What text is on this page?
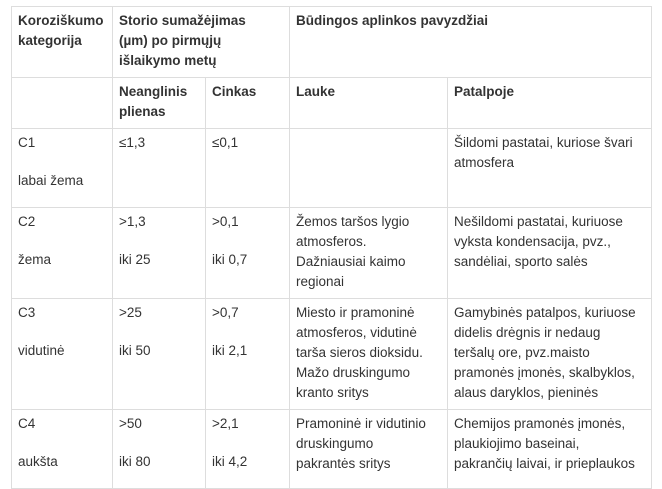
Koroziškumo
kategorija	Storio sumažėjimas
(µm) po pirmųjų
išlaikymo metų		Būdingos aplinkos pavyzdžiai	

	Neanglinis
plienas	Cinkas	Lauke	Patalpoje

C1
labai žema	≤1,3	≤0,1		Šildomi pastatai, kuriose švari
atmosfera

C2
žema	>1,3
iki 25	>0,1
iki 0,7	Žemos taršos lygio
atmosferos.
Dažniausiai kaimo
regionai	Nešildomi pastatai, kuriuose
vyksta kondensacija, pvz.,
sandėliai, sporto salės

C3
vidutinė	>25
iki 50	>0,7
iki 2,1	Miesto ir pramoninė
atmosferos, vidutinė
tarša sieros dioksidu.
Mažo druskingumo
kranto sritys	Gamybinės patalpos, kuriuose
didelis drėgnis ir nedaug
teršalų ore, pvz.maisto
pramonės įmonės, skalbyklos,
alaus daryklos, pieninės

C4
aukšta	>50
iki 80	>2,1
iki 4,2	Pramoninė ir vidutinio
druskingumo
pakrantės sritys	Chemijos pramonės įmonės,
plaukiojimo baseinai,
pakrančių laivai, ir prieplaukos
